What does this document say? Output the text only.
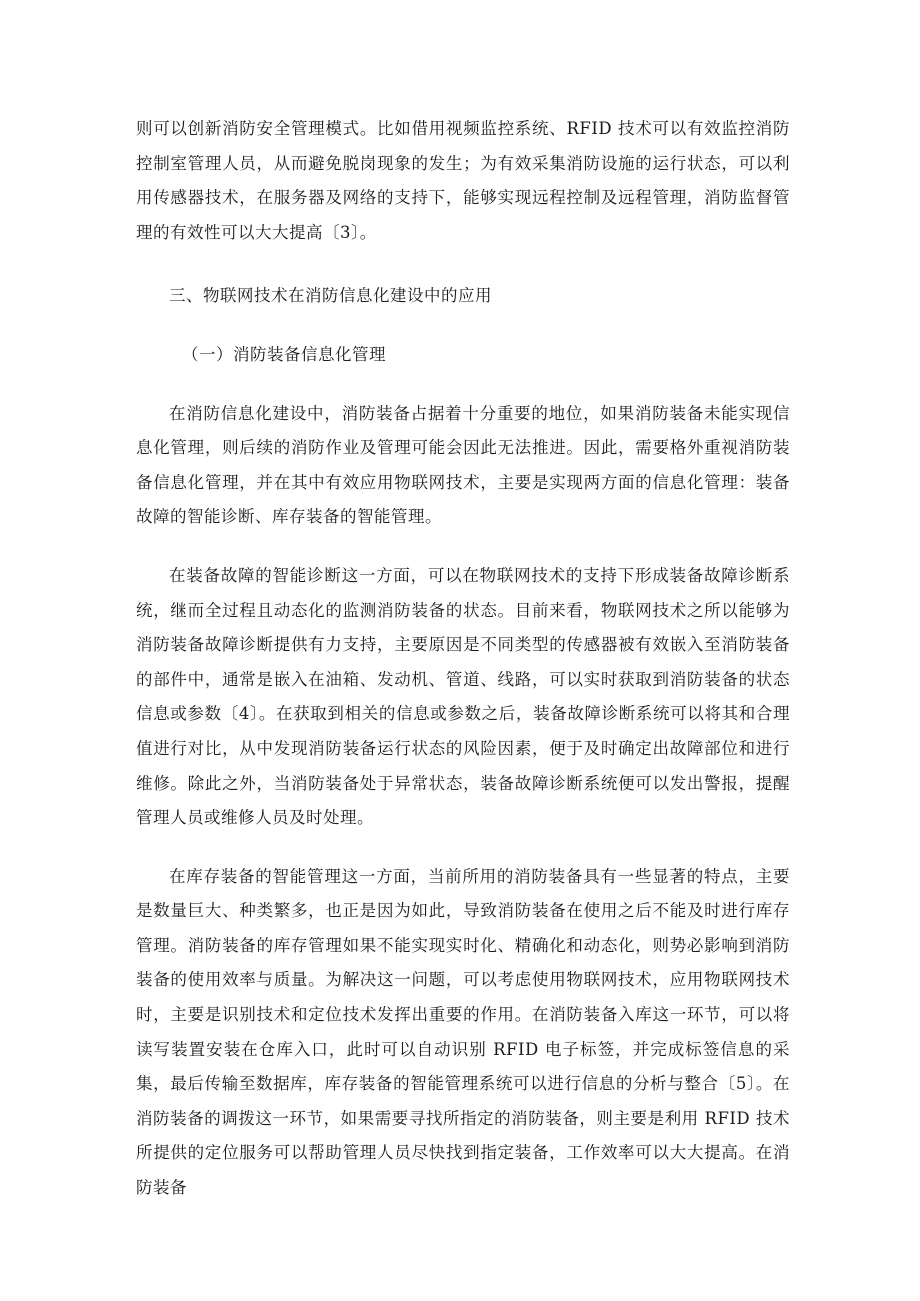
则可以创新消防安全管理模式。比如借用视频监控系统、RFID 技术可以有效监控消防控制室管理人员，从而避免脱岗现象的发生；为有效采集消防设施的运行状态，可以利用传感器技术，在服务器及网络的支持下，能够实现远程控制及远程管理，消防监督管理的有效性可以大大提高〔3〕。

三、物联网技术在消防信息化建设中的应用

（一）消防装备信息化管理

在消防信息化建设中，消防装备占据着十分重要的地位，如果消防装备未能实现信息化管理，则后续的消防作业及管理可能会因此无法推进。因此，需要格外重视消防装备信息化管理，并在其中有效应用物联网技术，主要是实现两方面的信息化管理：装备故障的智能诊断、库存装备的智能管理。

在装备故障的智能诊断这一方面，可以在物联网技术的支持下形成装备故障诊断系统，继而全过程且动态化的监测消防装备的状态。目前来看，物联网技术之所以能够为消防装备故障诊断提供有力支持，主要原因是不同类型的传感器被有效嵌入至消防装备的部件中，通常是嵌入在油箱、发动机、管道、线路，可以实时获取到消防装备的状态信息或参数〔4〕。在获取到相关的信息或参数之后，装备故障诊断系统可以将其和合理值进行对比，从中发现消防装备运行状态的风险因素，便于及时确定出故障部位和进行维修。除此之外，当消防装备处于异常状态，装备故障诊断系统便可以发出警报，提醒管理人员或维修人员及时处理。

在库存装备的智能管理这一方面，当前所用的消防装备具有一些显著的特点，主要是数量巨大、种类繁多，也正是因为如此，导致消防装备在使用之后不能及时进行库存管理。消防装备的库存管理如果不能实现实时化、精确化和动态化，则势必影响到消防装备的使用效率与质量。为解决这一问题，可以考虑使用物联网技术，应用物联网技术时，主要是识别技术和定位技术发挥出重要的作用。在消防装备入库这一环节，可以将读写装置安装在仓库入口，此时可以自动识别 RFID 电子标签，并完成标签信息的采集，最后传输至数据库，库存装备的智能管理系统可以进行信息的分析与整合〔5〕。在消防装备的调拨这一环节，如果需要寻找所指定的消防装备，则主要是利用 RFID 技术所提供的定位服务可以帮助管理人员尽快找到指定装备，工作效率可以大大提高。在消防装备
